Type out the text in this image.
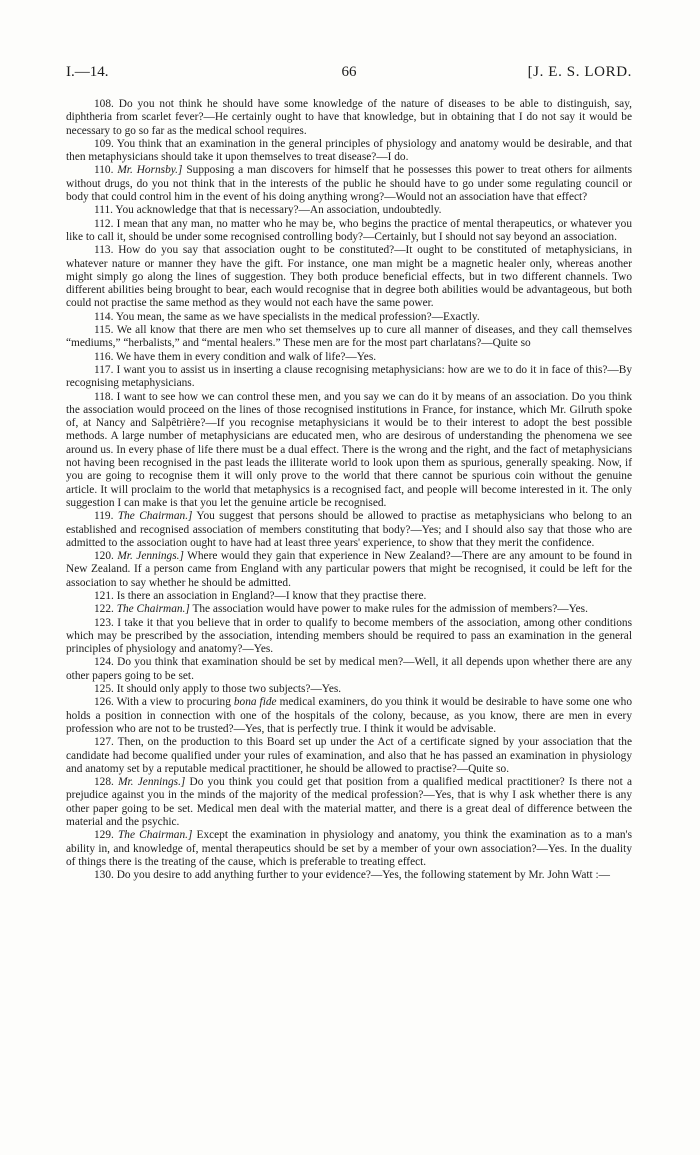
I.—14.	66	[J. E. S. LORD.

108. Do you not think he should have some knowledge of the nature of diseases to be able to distinguish, say, diphtheria from scarlet fever?—He certainly ought to have that knowledge, but in obtaining that I do not say it would be necessary to go so far as the medical school requires.

109. You think that an examination in the general principles of physiology and anatomy would be desirable, and that then metaphysicians should take it upon themselves to treat disease?—I do.

110. Mr. Hornsby.] Supposing a man discovers for himself that he possesses this power to treat others for ailments without drugs, do you not think that in the interests of the public he should have to go under some regulating council or body that could control him in the event of his doing anything wrong?—Would not an association have that effect?

111. You acknowledge that that is necessary?—An association, undoubtedly.

112. I mean that any man, no matter who he may be, who begins the practice of mental therapeutics, or whatever you like to call it, should be under some recognised controlling body?—Certainly, but I should not say beyond an association.

113. How do you say that association ought to be constituted?—It ought to be constituted of metaphysicians, in whatever nature or manner they have the gift. For instance, one man might be a magnetic healer only, whereas another might simply go along the lines of suggestion. They both produce beneficial effects, but in two different channels. Two different abilities being brought to bear, each would recognise that in degree both abilities would be advantageous, but both could not practise the same method as they would not each have the same power.

114. You mean, the same as we have specialists in the medical profession?—Exactly.

115. We all know that there are men who set themselves up to cure all manner of diseases, and they call themselves “mediums,” “herbalists,” and “mental healers.” These men are for the most part charlatans?—Quite so

116. We have them in every condition and walk of life?—Yes.

117. I want you to assist us in inserting a clause recognising metaphysicians: how are we to do it in face of this?—By recognising metaphysicians.

118. I want to see how we can control these men, and you say we can do it by means of an association. Do you think the association would proceed on the lines of those recognised institutions in France, for instance, which Mr. Gilruth spoke of, at Nancy and Salpêtrière?—If you recognise metaphysicians it would be to their interest to adopt the best possible methods. A large number of metaphysicians are educated men, who are desirous of understanding the phenomena we see around us. In every phase of life there must be a dual effect. There is the wrong and the right, and the fact of metaphysicians not having been recognised in the past leads the illiterate world to look upon them as spurious, generally speaking. Now, if you are going to recognise them it will only prove to the world that there cannot be spurious coin without the genuine article. It will proclaim to the world that metaphysics is a recognised fact, and people will become interested in it. The only suggestion I can make is that you let the genuine article be recognised.

119. The Chairman.] You suggest that persons should be allowed to practise as metaphysicians who belong to an established and recognised association of members constituting that body?—Yes; and I should also say that those who are admitted to the association ought to have had at least three years' experience, to show that they merit the confidence.

120. Mr. Jennings.] Where would they gain that experience in New Zealand?—There are any amount to be found in New Zealand. If a person came from England with any particular powers that might be recognised, it could be left for the association to say whether he should be admitted.

121. Is there an association in England?—I know that they practise there.

122. The Chairman.] The association would have power to make rules for the admission of members?—Yes.

123. I take it that you believe that in order to qualify to become members of the association, among other conditions which may be prescribed by the association, intending members should be required to pass an examination in the general principles of physiology and anatomy?—Yes.

124. Do you think that examination should be set by medical men?—Well, it all depends upon whether there are any other papers going to be set.

125. It should only apply to those two subjects?—Yes.

126. With a view to procuring bona fide medical examiners, do you think it would be desirable to have some one who holds a position in connection with one of the hospitals of the colony, because, as you know, there are men in every profession who are not to be trusted?—Yes, that is perfectly true. I think it would be advisable.

127. Then, on the production to this Board set up under the Act of a certificate signed by your association that the candidate had become qualified under your rules of examination, and also that he has passed an examination in physiology and anatomy set by a reputable medical practitioner, he should be allowed to practise?—Quite so.

128. Mr. Jennings.] Do you think you could get that position from a qualified medical practitioner? Is there not a prejudice against you in the minds of the majority of the medical profession?—Yes, that is why I ask whether there is any other paper going to be set. Medical men deal with the material matter, and there is a great deal of difference between the material and the psychic.

129. The Chairman.] Except the examination in physiology and anatomy, you think the examination as to a man's ability in, and knowledge of, mental therapeutics should be set by a member of your own association?—Yes. In the duality of things there is the treating of the cause, which is preferable to treating effect.

130. Do you desire to add anything further to your evidence?—Yes, the following statement by Mr. John Watt :—
